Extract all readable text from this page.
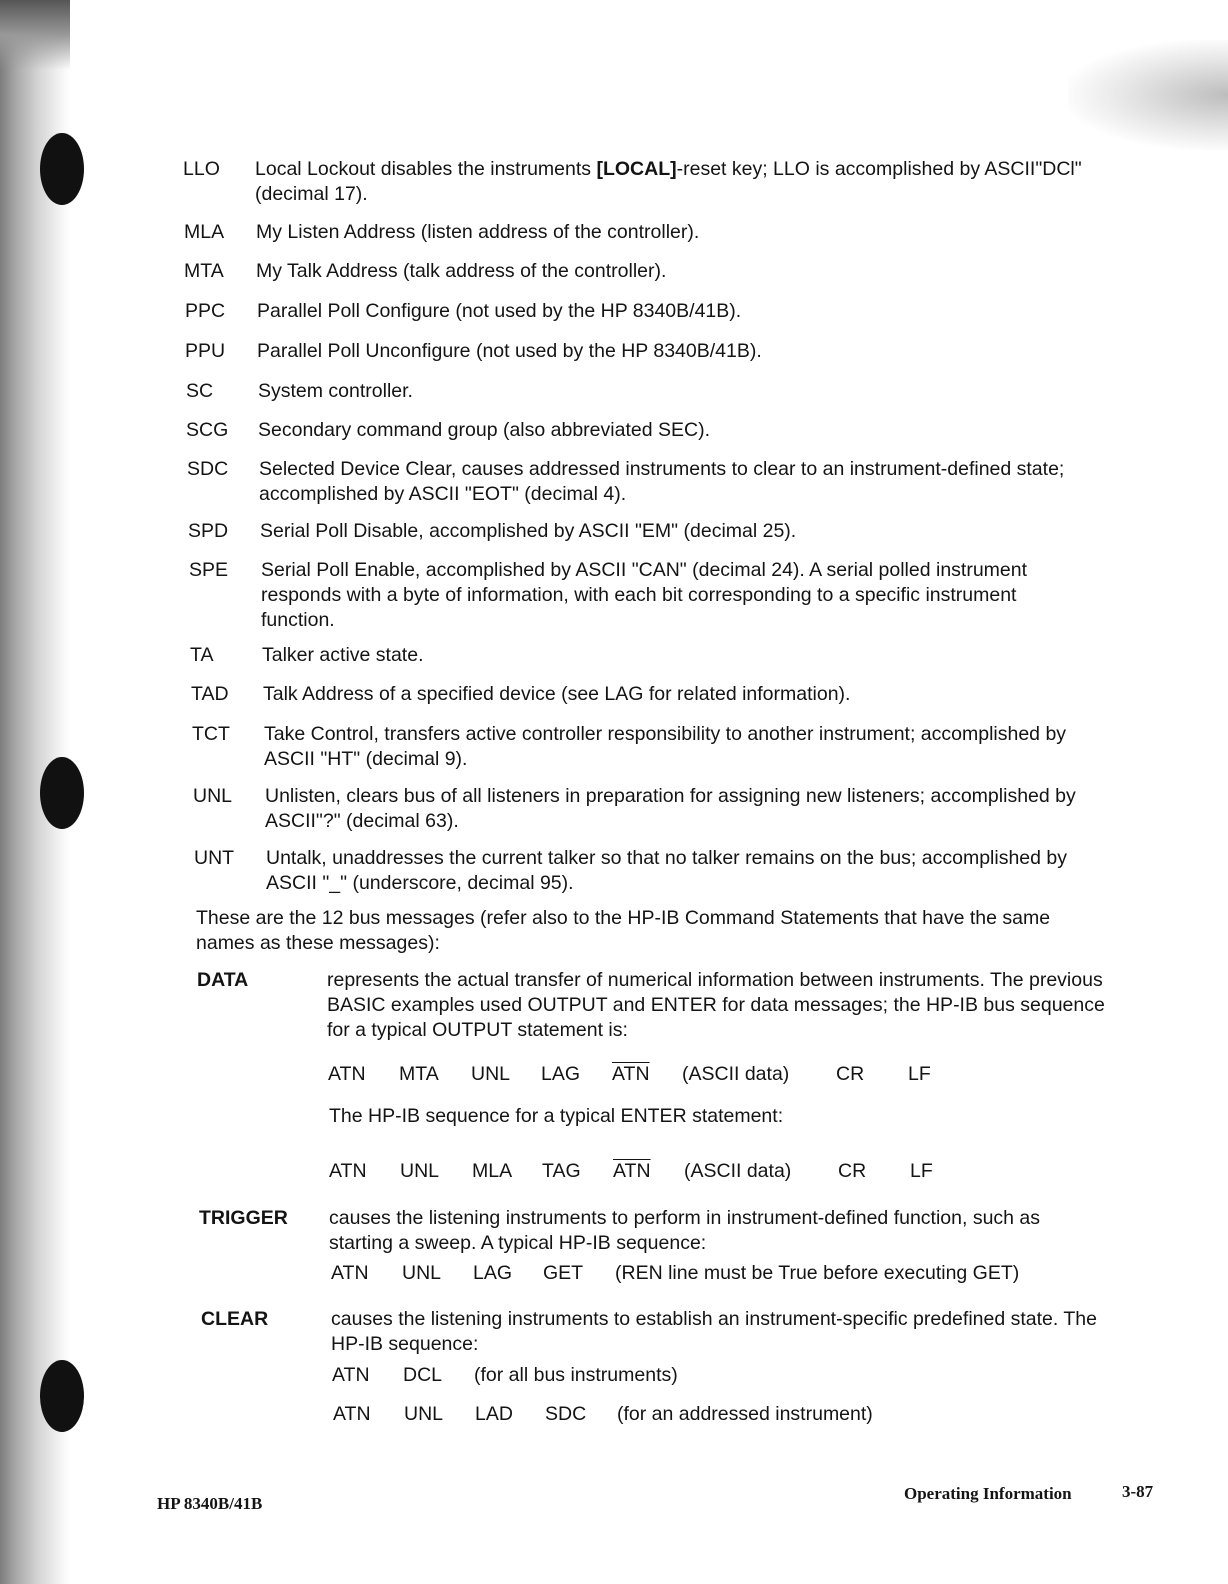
LLO Local Lockout disables the instruments [LOCAL]-reset key; LLO is accomplished by ASCII"DCl" (decimal 17).
MLA My Listen Address (listen address of the controller).
MTA My Talk Address (talk address of the controller).
PPC Parallel Poll Configure (not used by the HP 8340B/41B).
PPU Parallel Poll Unconfigure (not used by the HP 8340B/41B).
SC System controller.
SCG Secondary command group (also abbreviated SEC).
SDC Selected Device Clear, causes addressed instruments to clear to an instrument-defined state; accomplished by ASCII "EOT" (decimal 4).
SPD Serial Poll Disable, accomplished by ASCII "EM" (decimal 25).
SPE Serial Poll Enable, accomplished by ASCII "CAN" (decimal 24). A serial polled instrument responds with a byte of information, with each bit corresponding to a specific instrument function.
TA Talker active state.
TAD Talk Address of a specified device (see LAG for related information).
TCT Take Control, transfers active controller responsibility to another instrument; accomplished by ASCII "HT" (decimal 9).
UNL Unlisten, clears bus of all listeners in preparation for assigning new listeners; accomplished by ASCII"?" (decimal 63).
UNT Untalk, unaddresses the current talker so that no talker remains on the bus; accomplished by ASCII "_" (underscore, decimal 95).
These are the 12 bus messages (refer also to the HP-IB Command Statements that have the same names as these messages):
DATA	represents the actual transfer of numerical information between instruments. The previous BASIC examples used OUTPUT and ENTER for data messages; the HP-IB bus sequence for a typical OUTPUT statement is:
ATN MTA UNL LAG $\overline{ATN}$ (ASCII data) CR LF
The HP-IB sequence for a typical ENTER statement:
ATN UNL MLA TAG $\overline{ATN}$ (ASCII data) CR LF
TRIGGER causes the listening instruments to perform in instrument-defined function, such as starting a sweep. A typical HP-IB sequence:
ATN UNL LAG GET (REN line must be True before executing GET)
CLEAR	causes the listening instruments to establish an instrument-specific predefined state. The HP-IB sequence:
ATN DCL (for all bus instruments)
ATN UNL LAD SDC (for an addressed instrument)
HP 8340B/41B
Operating Information	3-87
